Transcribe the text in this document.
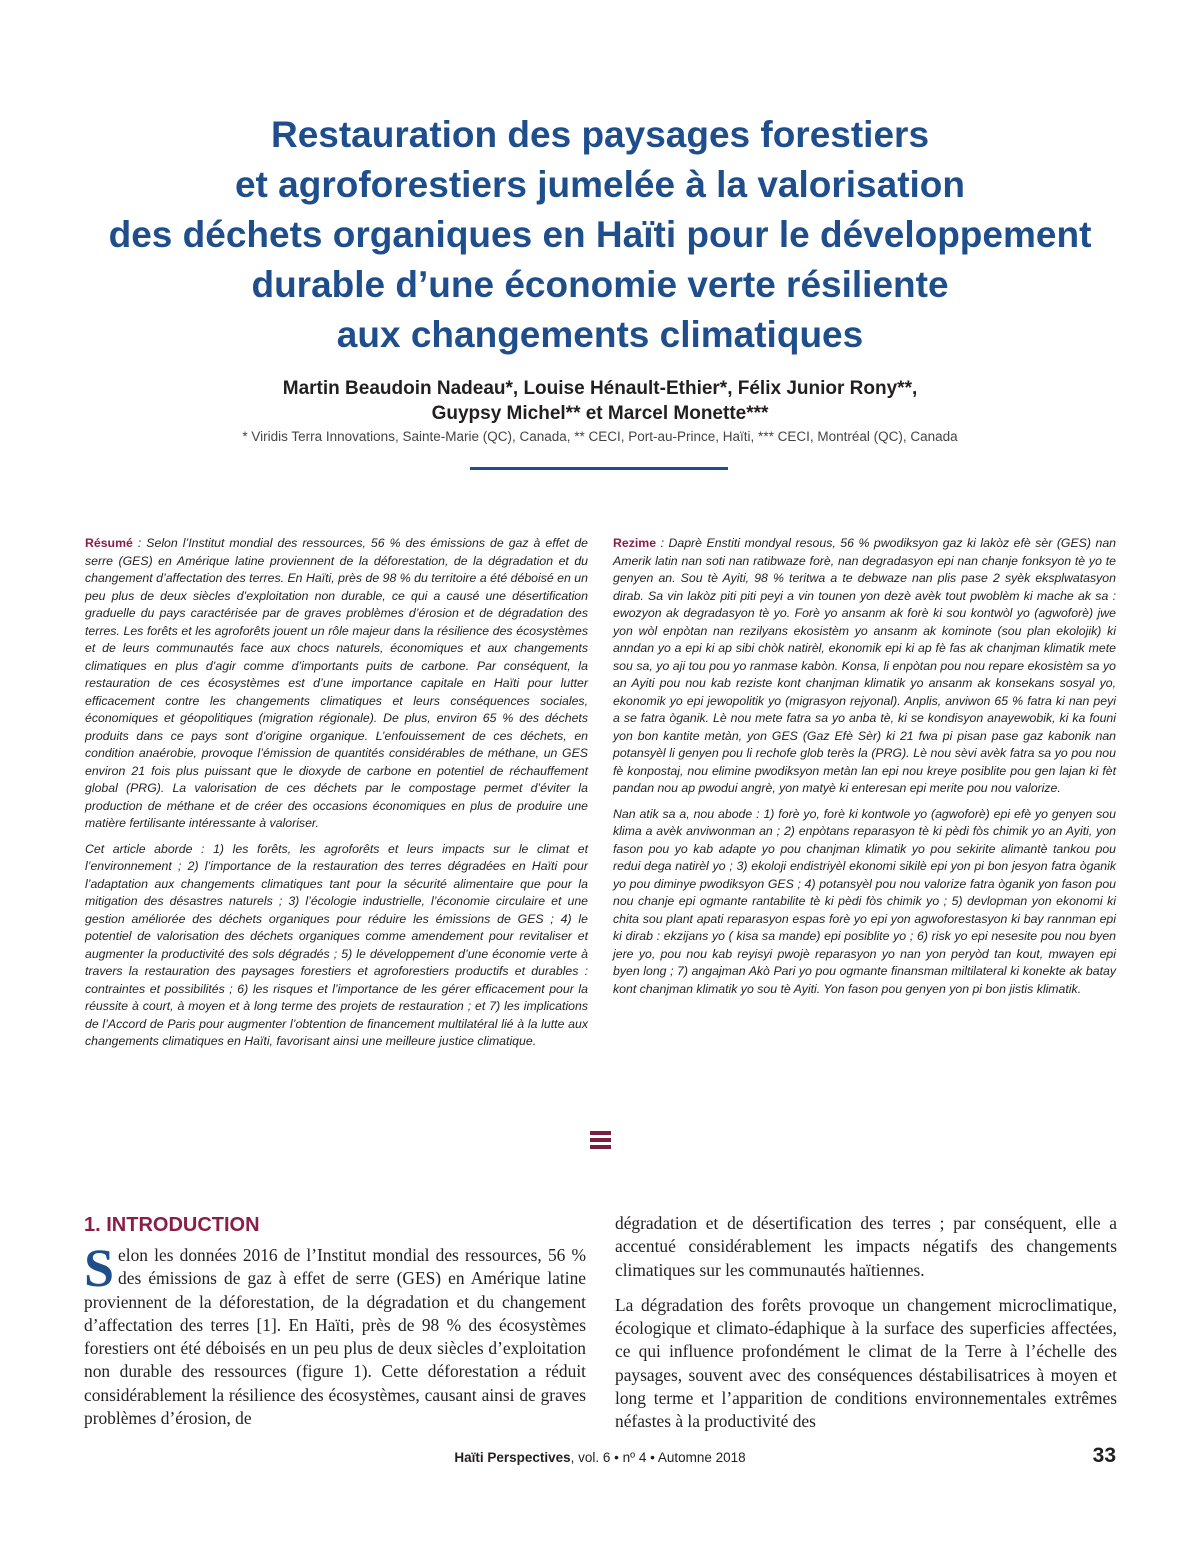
Restauration des paysages forestiers
et agroforestiers jumelée à la valorisation
des déchets organiques en Haïti pour le développement
durable d’une économie verte résiliente
aux changements climatiques
Martin Beaudoin Nadeau*, Louise Hénault-Ethier*, Félix Junior Rony**,
Guypsy Michel** et Marcel Monette***
* Viridis Terra Innovations, Sainte-Marie (QC), Canada, ** CECI, Port-au-Prince, Haïti, *** CECI, Montréal (QC), Canada

Résumé : Selon l’Institut mondial des ressources, 56 % des émissions de gaz à effet de serre (GES) en Amérique latine proviennent de la déforestation, de la dégradation et du changement d’affectation des terres. En Haïti, près de 98 % du territoire a été déboisé en un peu plus de deux siècles d’exploitation non durable, ce qui a causé une désertification graduelle du pays caractérisée par de graves problèmes d’érosion et de dégradation des terres. Les forêts et les agroforêts jouent un rôle majeur dans la résilience des écosystèmes et de leurs communautés face aux chocs naturels, économiques et aux changements climatiques en plus d’agir comme d’importants puits de carbone. Par conséquent, la restauration de ces écosystèmes est d’une importance capitale en Haïti pour lutter efficacement contre les changements climatiques et leurs conséquences sociales, économiques et géopolitiques (migration régionale). De plus, environ 65 % des déchets produits dans ce pays sont d’origine organique. L’enfouissement de ces déchets, en condition anaérobie, provoque l’émission de quantités considérables de méthane, un GES environ 21 fois plus puissant que le dioxyde de carbone en potentiel de réchauffement global (PRG). La valorisation de ces déchets par le compostage permet d’éviter la production de méthane et de créer des occasions économiques en plus de produire une matière fertilisante intéressante à valoriser.

Cet article aborde : 1) les forêts, les agroforêts et leurs impacts sur le climat et l’environnement ; 2) l’importance de la restauration des terres dégradées en Haïti pour l’adaptation aux changements climatiques tant pour la sécurité alimentaire que pour la mitigation des désastres naturels ; 3) l’écologie industrielle, l’économie circulaire et une gestion améliorée des déchets organiques pour réduire les émissions de GES ; 4) le potentiel de valorisation des déchets organiques comme amendement pour revitaliser et augmenter la productivité des sols dégradés ; 5) le développement d’une économie verte à travers la restauration des paysages forestiers et agroforestiers productifs et durables : contraintes et possibilités ; 6) les risques et l’importance de les gérer efficacement pour la réussite à court, à moyen et à long terme des projets de restauration ; et 7) les implications de l’Accord de Paris pour augmenter l’obtention de financement multilatéral lié à la lutte aux changements climatiques en Haïti, favorisant ainsi une meilleure justice climatique.

Rezime : Daprè Enstiti mondyal resous, 56 % pwodiksyon gaz ki lakòz efè sèr (GES) nan Amerik latin nan soti nan ratibwaze forè, nan degradasyon epi nan chanje fonksyon tè yo te genyen an. Sou tè Ayiti, 98 % teritwa a te debwaze nan plis pase 2 syèk eksplwatasyon dirab. Sa vin lakòz piti piti peyi a vin tounen yon dezè avèk tout pwoblèm ki mache ak sa : ewozyon ak degradasyon tè yo. Forè yo ansanm ak forè ki sou kontwòl yo (agwoforè) jwe yon wòl enpòtan nan rezilyans ekosistèm yo ansanm ak kominote (sou plan ekolojik) ki anndan yo a epi ki ap sibi chòk natirèl, ekonomik epi ki ap fè fas ak chanjman klimatik mete sou sa, yo aji tou pou yo ranmase kabòn. Konsa, li enpòtan pou nou repare ekosistèm sa yo an Ayiti pou nou kab reziste kont chanjman klimatik yo ansanm ak konsekans sosyal yo, ekonomik yo epi jewopolitik yo (migrasyon rejyonal). Anplis, anviwon 65 % fatra ki nan peyi a se fatra òganik. Lè nou mete fatra sa yo anba tè, ki se kondisyon anayewobik, ki ka founi yon bon kantite metàn, yon GES (Gaz Efè Sèr) ki 21 fwa pi pisan pase gaz kabonik nan potansyèl li genyen pou li rechofe glob terès la (PRG). Lè nou sèvi avèk fatra sa yo pou nou fè konpostaj, nou elimine pwodiksyon metàn lan epi nou kreye posiblite pou gen lajan ki fèt pandan nou ap pwodui angrè, yon matyè ki enteresan epi merite pou nou valorize.

Nan atik sa a, nou abode : 1) forè yo, forè ki kontwole yo (agwoforè) epi efè yo genyen sou klima a avèk anviwonman an ; 2) enpòtans reparasyon tè ki pèdi fòs chimik yo an Ayiti, yon fason pou yo kab adapte yo pou chanjman klimatik yo pou sekirite alimantè tankou pou redui dega natirèl yo ; 3) ekoloji endistriyèl ekonomi sikilè epi yon pi bon jesyon fatra òganik yo pou diminye pwodiksyon GES ; 4) potansyèl pou nou valorize fatra òganik yon fason pou nou chanje epi ogmante rantabilite tè ki pèdi fòs chimik yo ; 5) devlopman yon ekonomi ki chita sou plant apati reparasyon espas forè yo epi yon agwoforestasyon ki bay rannman epi ki dirab : ekzijans yo ( kisa sa mande) epi posiblite yo ; 6) risk yo epi nesesite pou nou byen jere yo, pou nou kab reyisyi pwojè reparasyon yo nan yon peryòd tan kout, mwayen epi byen long ; 7) angajman Akò Pari yo pou ogmante finansman miltilateral ki konekte ak batay kont chanjman klimatik yo sou tè Ayiti. Yon fason pou genyen yon pi bon jistis klimatik.

1. INTRODUCTION

Selon les données 2016 de l’Institut mondial des ressources, 56 % des émissions de gaz à effet de serre (GES) en Amérique latine proviennent de la déforestation, de la dégradation et du changement d’affectation des terres [1]. En Haïti, près de 98 % des écosystèmes forestiers ont été déboisés en un peu plus de deux siècles d’exploitation non durable des ressources (figure 1). Cette déforestation a réduit considérablement la résilience des écosystèmes, causant ainsi de graves problèmes d’érosion, de

dégradation et de désertification des terres ; par conséquent, elle a accentué considérablement les impacts négatifs des changements climatiques sur les communautés haïtiennes.

La dégradation des forêts provoque un changement microclimatique, écologique et climato-édaphique à la surface des superficies affectées, ce qui influence profondément le climat de la Terre à l’échelle des paysages, souvent avec des conséquences déstabilisatrices à moyen et long terme et l’apparition de conditions environnementales extrêmes néfastes à la productivité des

Haïti Perspectives, vol. 6 • nº 4 • Automne 2018	33
